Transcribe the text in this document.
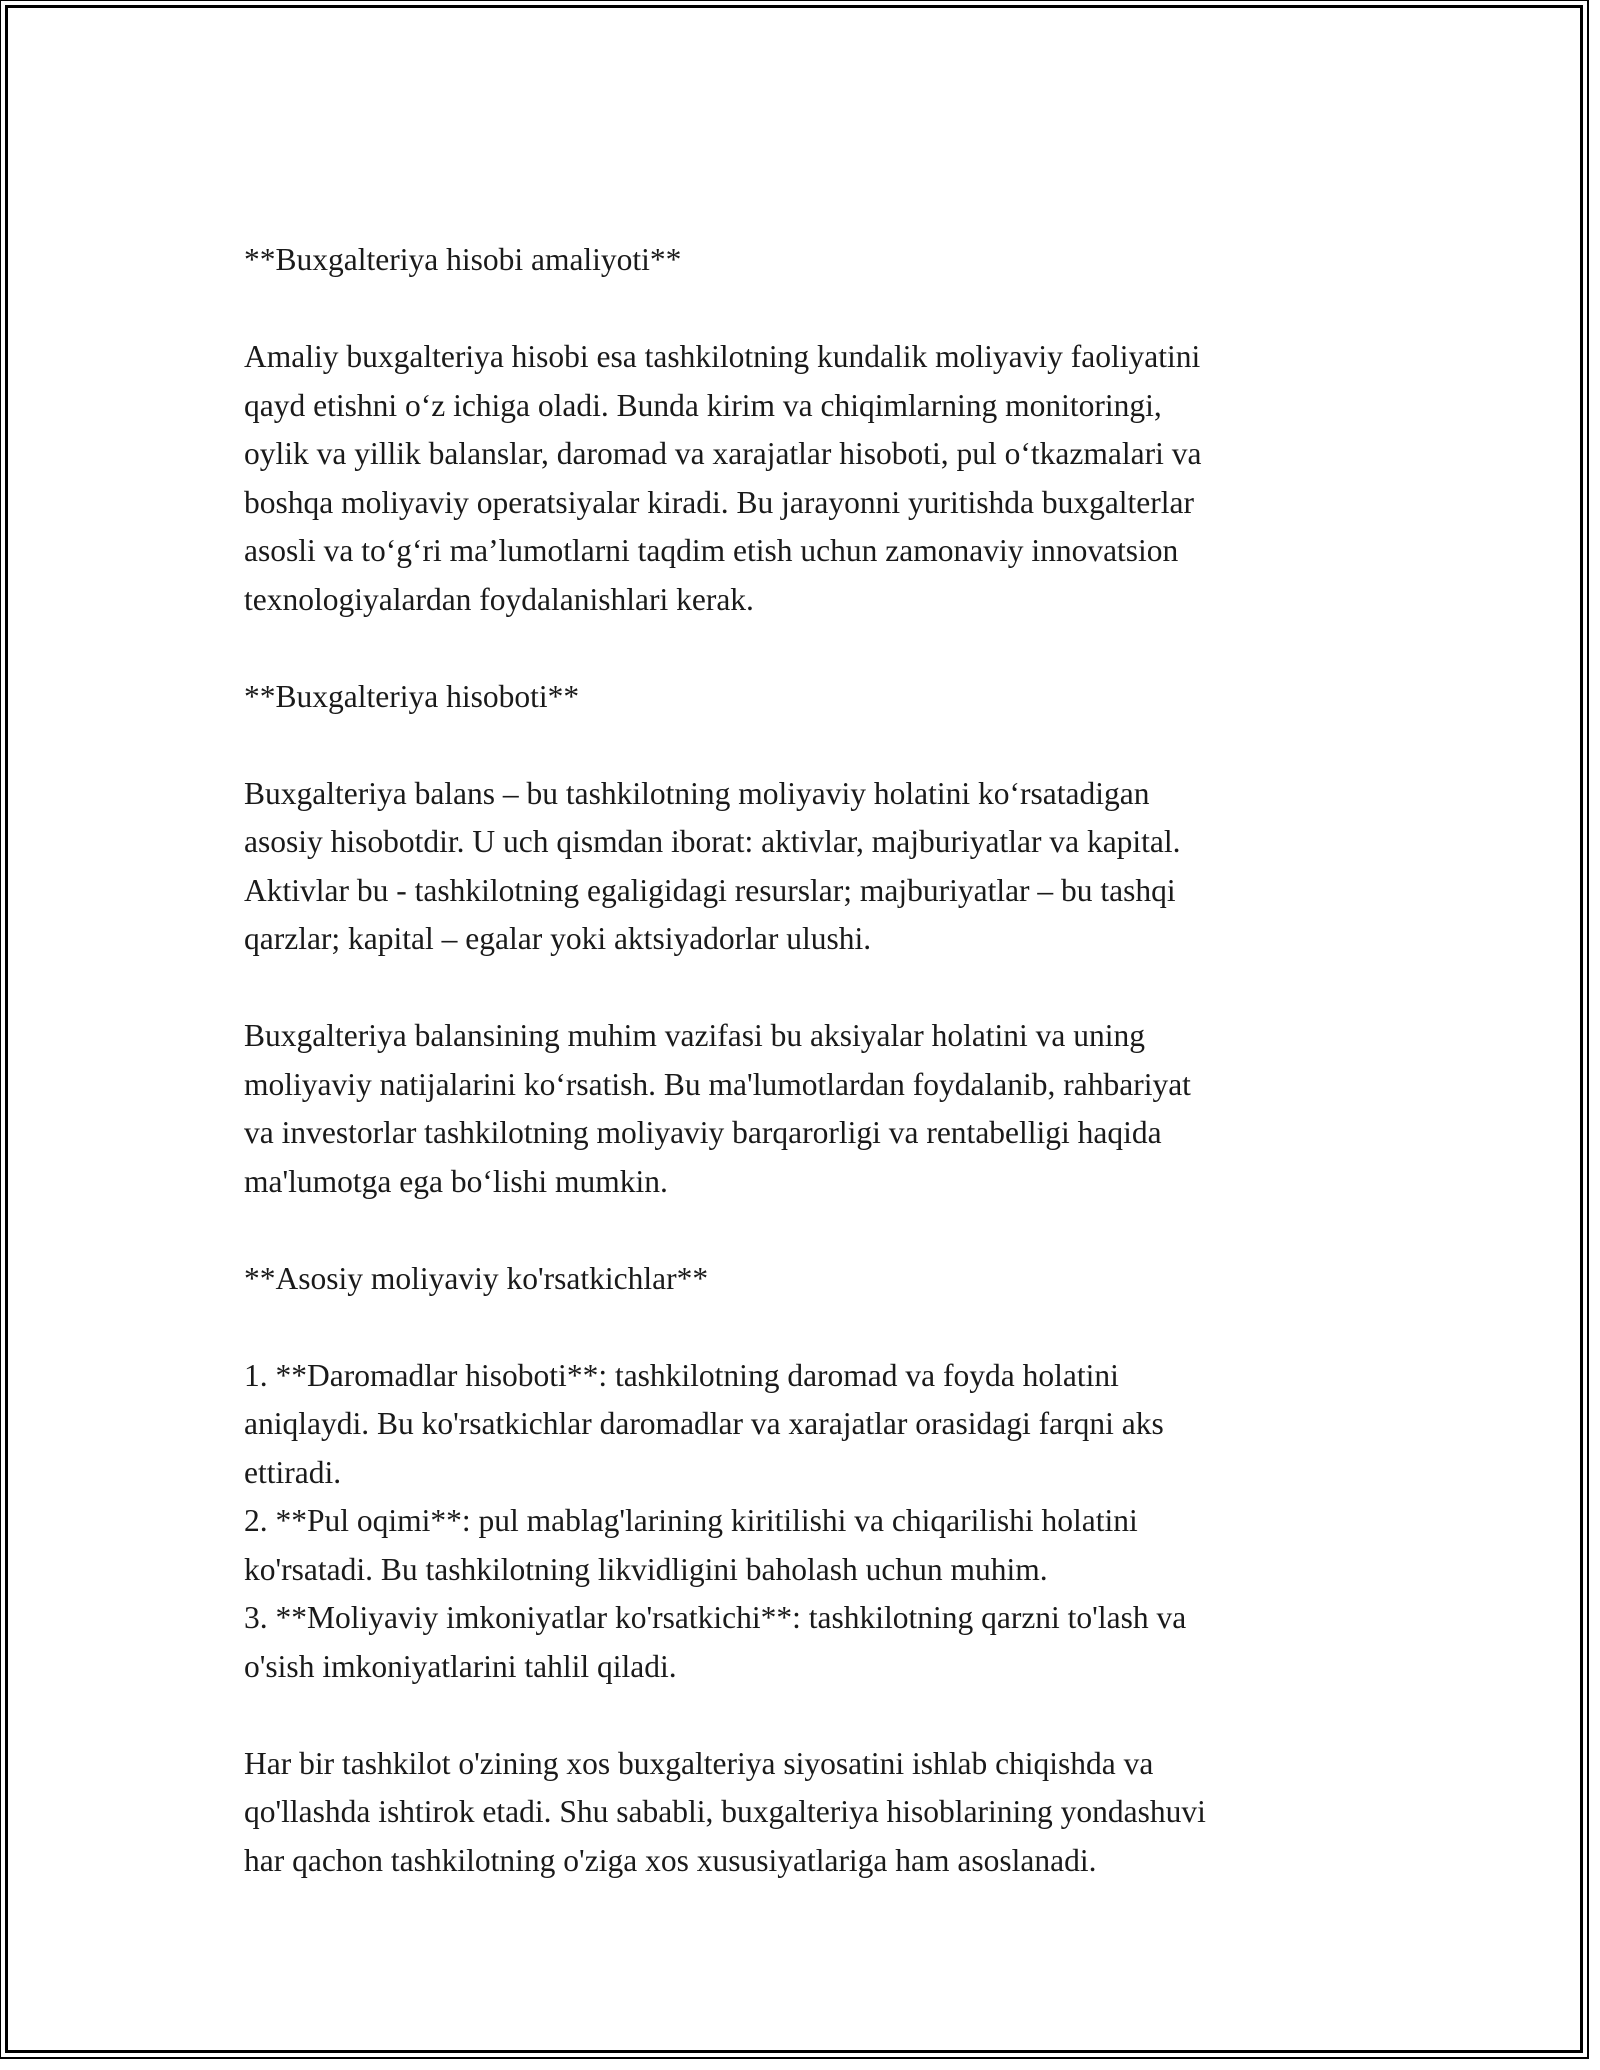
**Buxgalteriya hisobi amaliyoti**

Amaliy buxgalteriya hisobi esa tashkilotning kundalik moliyaviy faoliyatini
qayd etishni o‘z ichiga oladi. Bunda kirim va chiqimlarning monitoringi,
oylik va yillik balanslar, daromad va xarajatlar hisoboti, pul o‘tkazmalari va
boshqa moliyaviy operatsiyalar kiradi. Bu jarayonni yuritishda buxgalterlar
asosli va to‘g‘ri ma’lumotlarni taqdim etish uchun zamonaviy innovatsion
texnologiyalardan foydalanishlari kerak.

**Buxgalteriya hisoboti**

Buxgalteriya balans – bu tashkilotning moliyaviy holatini ko‘rsatadigan
asosiy hisobotdir. U uch qismdan iborat: aktivlar, majburiyatlar va kapital.
Aktivlar bu - tashkilotning egaligidagi resurslar; majburiyatlar – bu tashqi
qarzlar; kapital – egalar yoki aktsiyadorlar ulushi.

Buxgalteriya balansining muhim vazifasi bu aksiyalar holatini va uning
moliyaviy natijalarini ko‘rsatish. Bu ma'lumotlardan foydalanib, rahbariyat
va investorlar tashkilotning moliyaviy barqarorligi va rentabelligi haqida
ma'lumotga ega bo‘lishi mumkin.

**Asosiy moliyaviy ko'rsatkichlar**

1. **Daromadlar hisoboti**: tashkilotning daromad va foyda holatini
aniqlaydi. Bu ko'rsatkichlar daromadlar va xarajatlar orasidagi farqni aks
ettiradi.
2. **Pul oqimi**: pul mablag'larining kiritilishi va chiqarilishi holatini
ko'rsatadi. Bu tashkilotning likvidligini baholash uchun muhim.
3. **Moliyaviy imkoniyatlar ko'rsatkichi**: tashkilotning qarzni to'lash va
o'sish imkoniyatlarini tahlil qiladi.

Har bir tashkilot o'zining xos buxgalteriya siyosatini ishlab chiqishda va
qo'llashda ishtirok etadi. Shu sababli, buxgalteriya hisoblarining yondashuvi
har qachon tashkilotning o'ziga xos xususiyatlariga ham asoslanadi.
